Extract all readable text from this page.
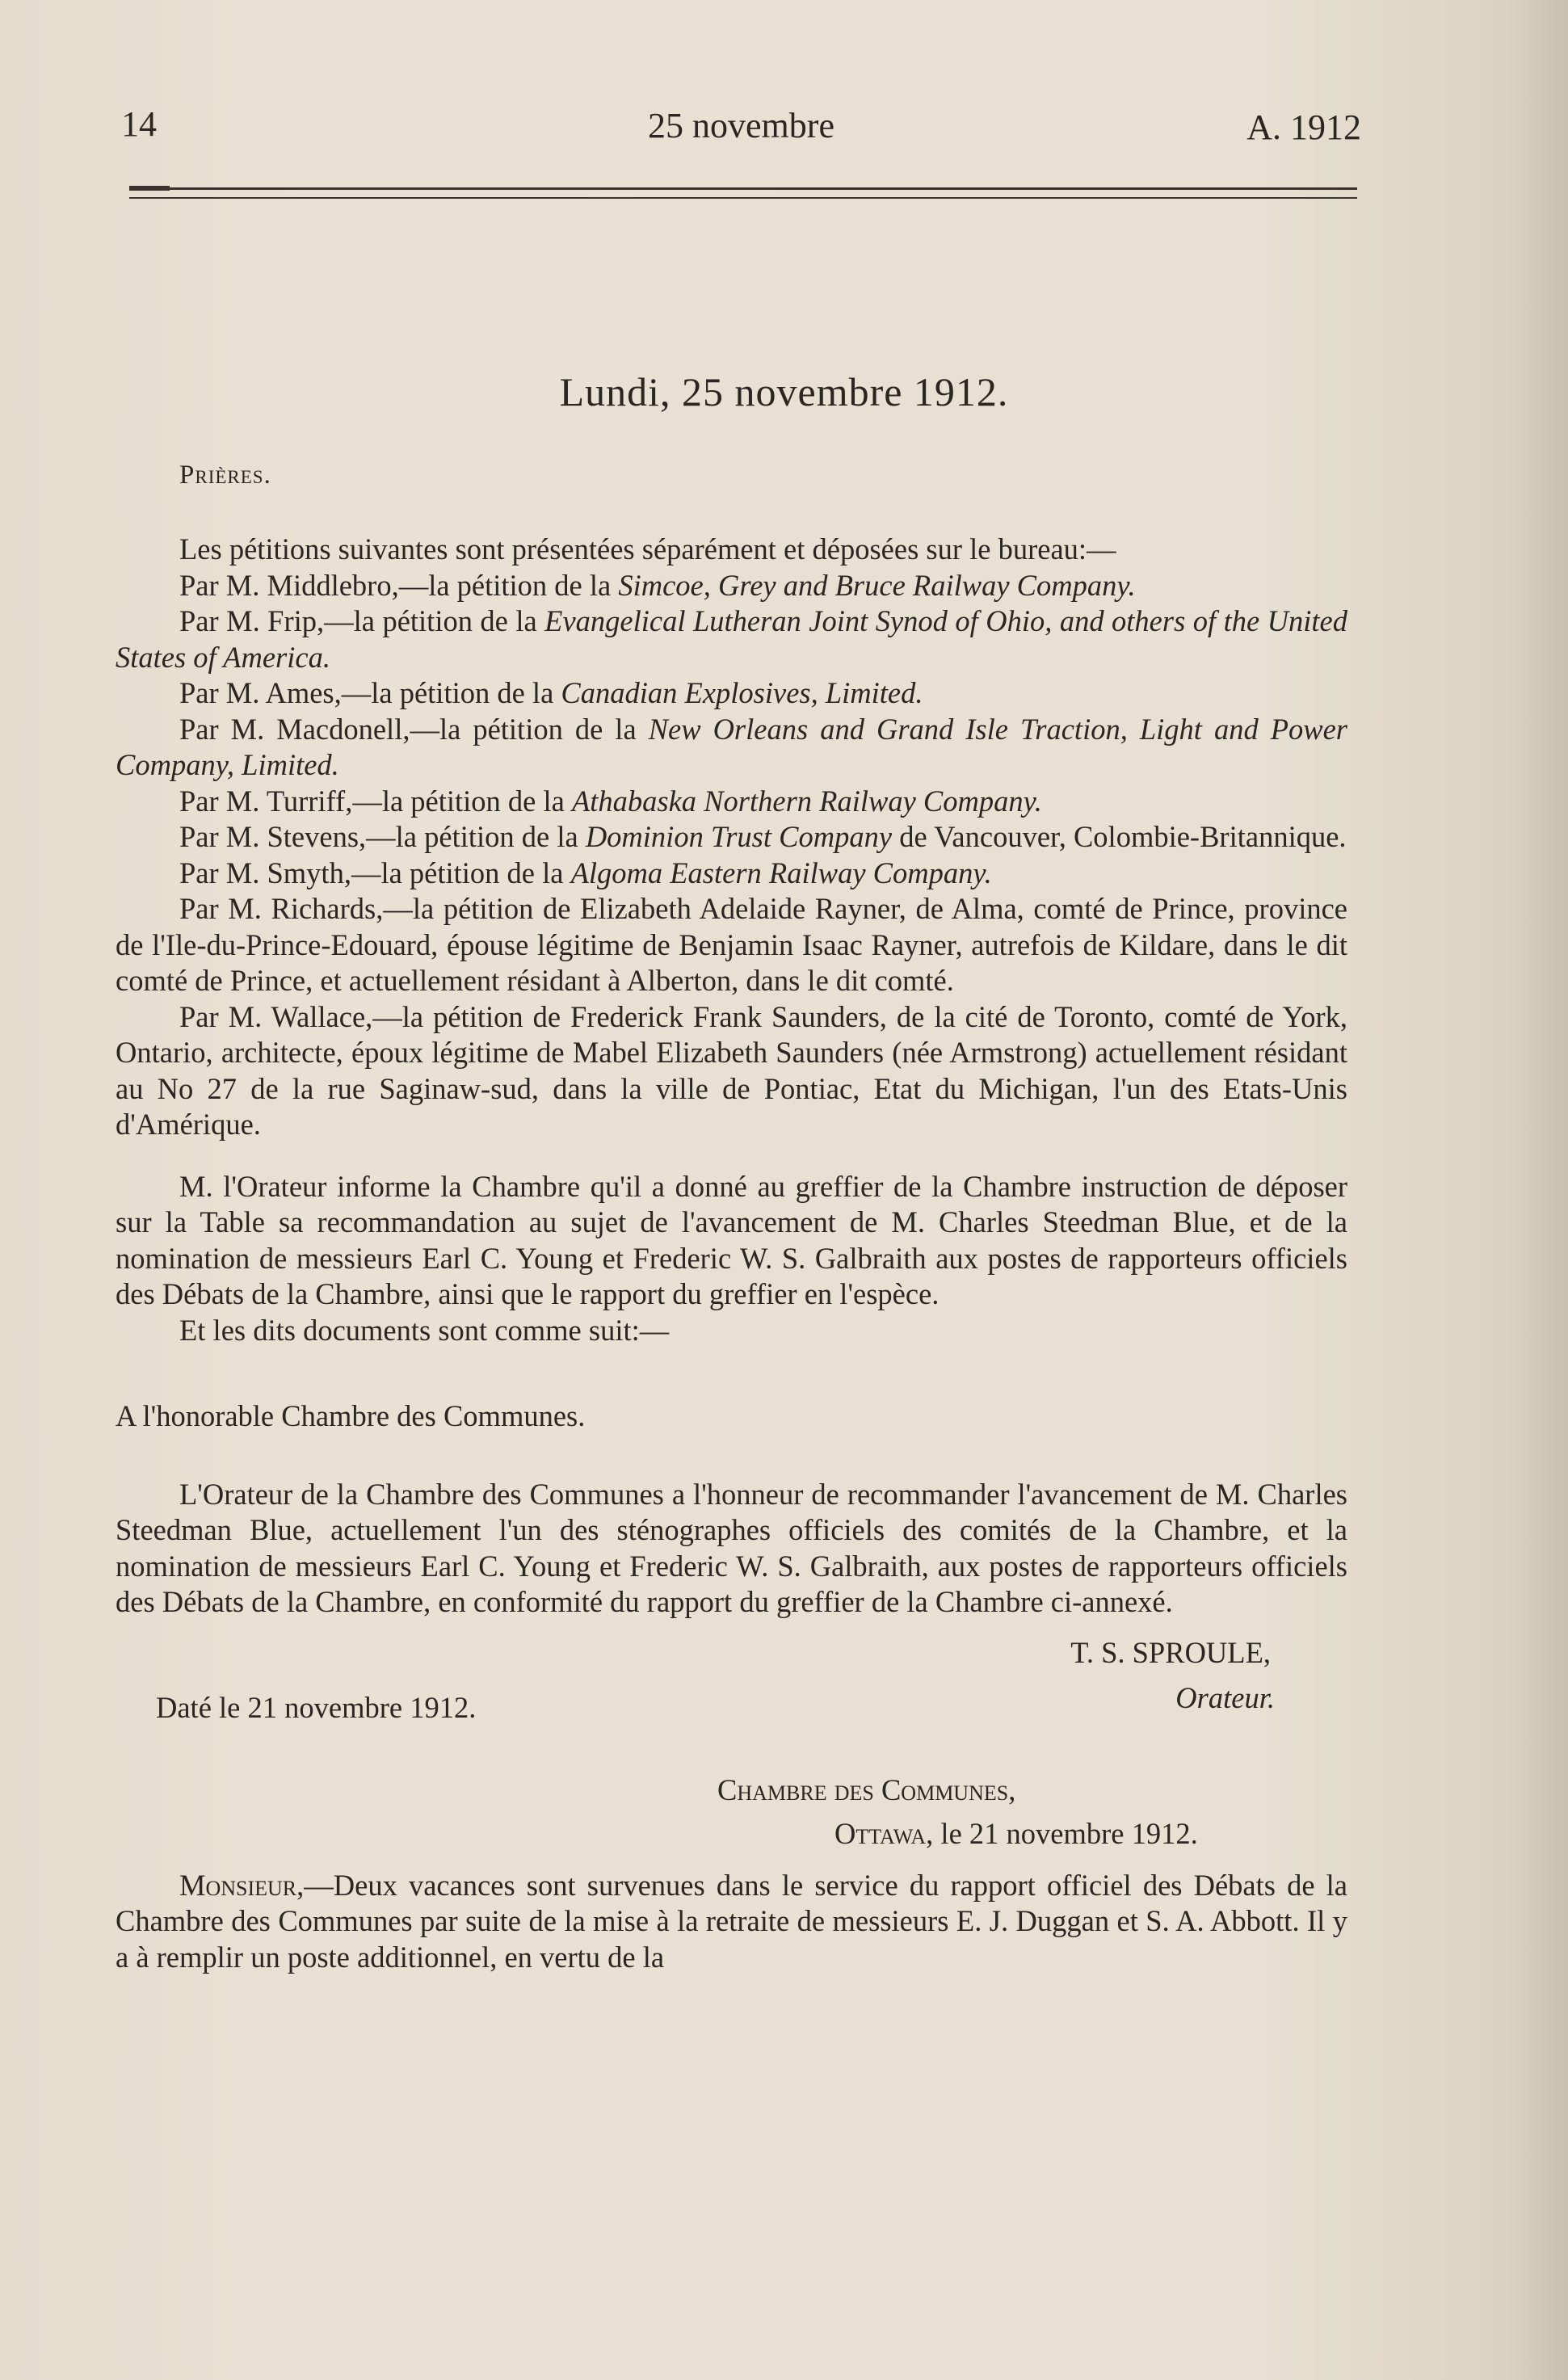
14	25 novembre	A. 1912
Lundi, 25 novembre 1912.
Prières.

Les pétitions suivantes sont présentées séparément et déposées sur le bureau:—

Par M. Middlebro,—la pétition de la Simcoe, Grey and Bruce Railway Company.

Par M. Frip,—la pétition de la Evangelical Lutheran Joint Synod of Ohio, and others of the United States of America.

Par M. Ames,—la pétition de la Canadian Explosives, Limited.

Par M. Macdonell,—la pétition de la New Orleans and Grand Isle Traction, Light and Power Company, Limited.

Par M. Turriff,—la pétition de la Athabaska Northern Railway Company.

Par M. Stevens,—la pétition de la Dominion Trust Company de Vancouver, Colombie-Britannique.

Par M. Smyth,—la pétition de la Algoma Eastern Railway Company.

Par M. Richards,—la pétition de Elizabeth Adelaide Rayner, de Alma, comté de Prince, province de l'Ile-du-Prince-Edouard, épouse légitime de Benjamin Isaac Rayner, autrefois de Kildare, dans le dit comté de Prince, et actuellement résidant à Alberton, dans le dit comté.

Par M. Wallace,—la pétition de Frederick Frank Saunders, de la cité de Toronto, comté de York, Ontario, architecte, époux légitime de Mabel Elizabeth Saunders (née Armstrong) actuellement résidant au No 27 de la rue Saginaw-sud, dans la ville de Pontiac, Etat du Michigan, l'un des Etats-Unis d'Amérique.

M. l'Orateur informe la Chambre qu'il a donné au greffier de la Chambre instruction de déposer sur la Table sa recommandation au sujet de l'avancement de M. Charles Steedman Blue, et de la nomination de messieurs Earl C. Young et Frederic W. S. Galbraith aux postes de rapporteurs officiels des Débats de la Chambre, ainsi que le rapport du greffier en l'espèce.

Et les dits documents sont comme suit:—

A l'honorable Chambre des Communes.

L'Orateur de la Chambre des Communes a l'honneur de recommander l'avancement de M. Charles Steedman Blue, actuellement l'un des sténographes officiels des comités de la Chambre, et la nomination de messieurs Earl C. Young et Frederic W. S. Galbraith, aux postes de rapporteurs officiels des Débats de la Chambre, en conformité du rapport du greffier de la Chambre ci-annexé.

T. S. SPROULE,
Orateur.
Daté le 21 novembre 1912.
Chambre des Communes,
Ottawa, le 21 novembre 1912.

Monsieur,—Deux vacances sont survenues dans le service du rapport officiel des Débats de la Chambre des Communes par suite de la mise à la retraite de messieurs E. J. Duggan et S. A. Abbott. Il y a à remplir un poste additionnel, en vertu de la
